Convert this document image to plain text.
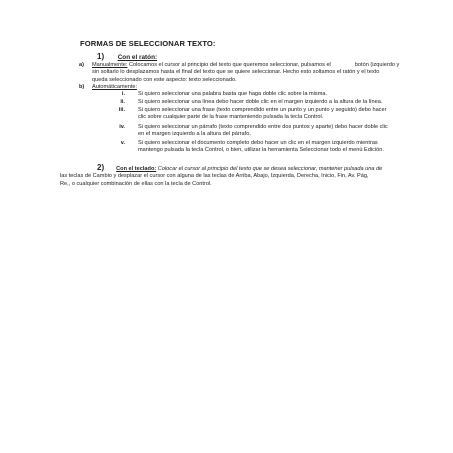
FORMAS DE SELECCIONAR TEXTO:
1) Con el ratón:
a) Manualmente: Colocamos el cursor al principio del texto que queremos seleccionar, pulsamos el	botón (izquierdo y
sin soltarlo lo desplazamos hasta el final del texto que se quiere seleccionar. Hecho esto soltamos el ratón y el texto
queda seleccionado con este aspecto: texto seleccionado.
b) Automáticamente:
i. Si quiero seleccionar una palabra basta que haga doble clic sobre la misma.
ii. Si quiero seleccionar una línea debo hacer doble clic en el margen izquierdo a la altura de la línea.
iii. Si quiero seleccionar una frase (texto comprendido entre un punto y un punto y seguido) debo hacer
clic sobre cualquier parte de la frase manteniendo pulsada la tecla Control.
iv. Si quiero seleccionar un párrafo (texto comprendido entre dos puntos y aparte) debo hacer doble clic
en el margen izquierdo a la altura del párrafo.
v. Si quiero seleccionar el documento completo debo hacer un clic en el margen izquierdo mientras
mantengo pulsada la tecla Control, o bien, utilizar la herramienta Seleccionar todo el menú Edición.
2) Con el teclado: Colocar el cursor al principio del texto que se desea seleccionar, mantener pulsada una de
las teclas de Cambio y desplazar el cursor con alguna de las teclas de Arriba, Abajo, Izquierda, Derecha, Inicio, Fin, Av. Pág,
Re,, o cualquier combinación de ellas con la tecla de Control.
